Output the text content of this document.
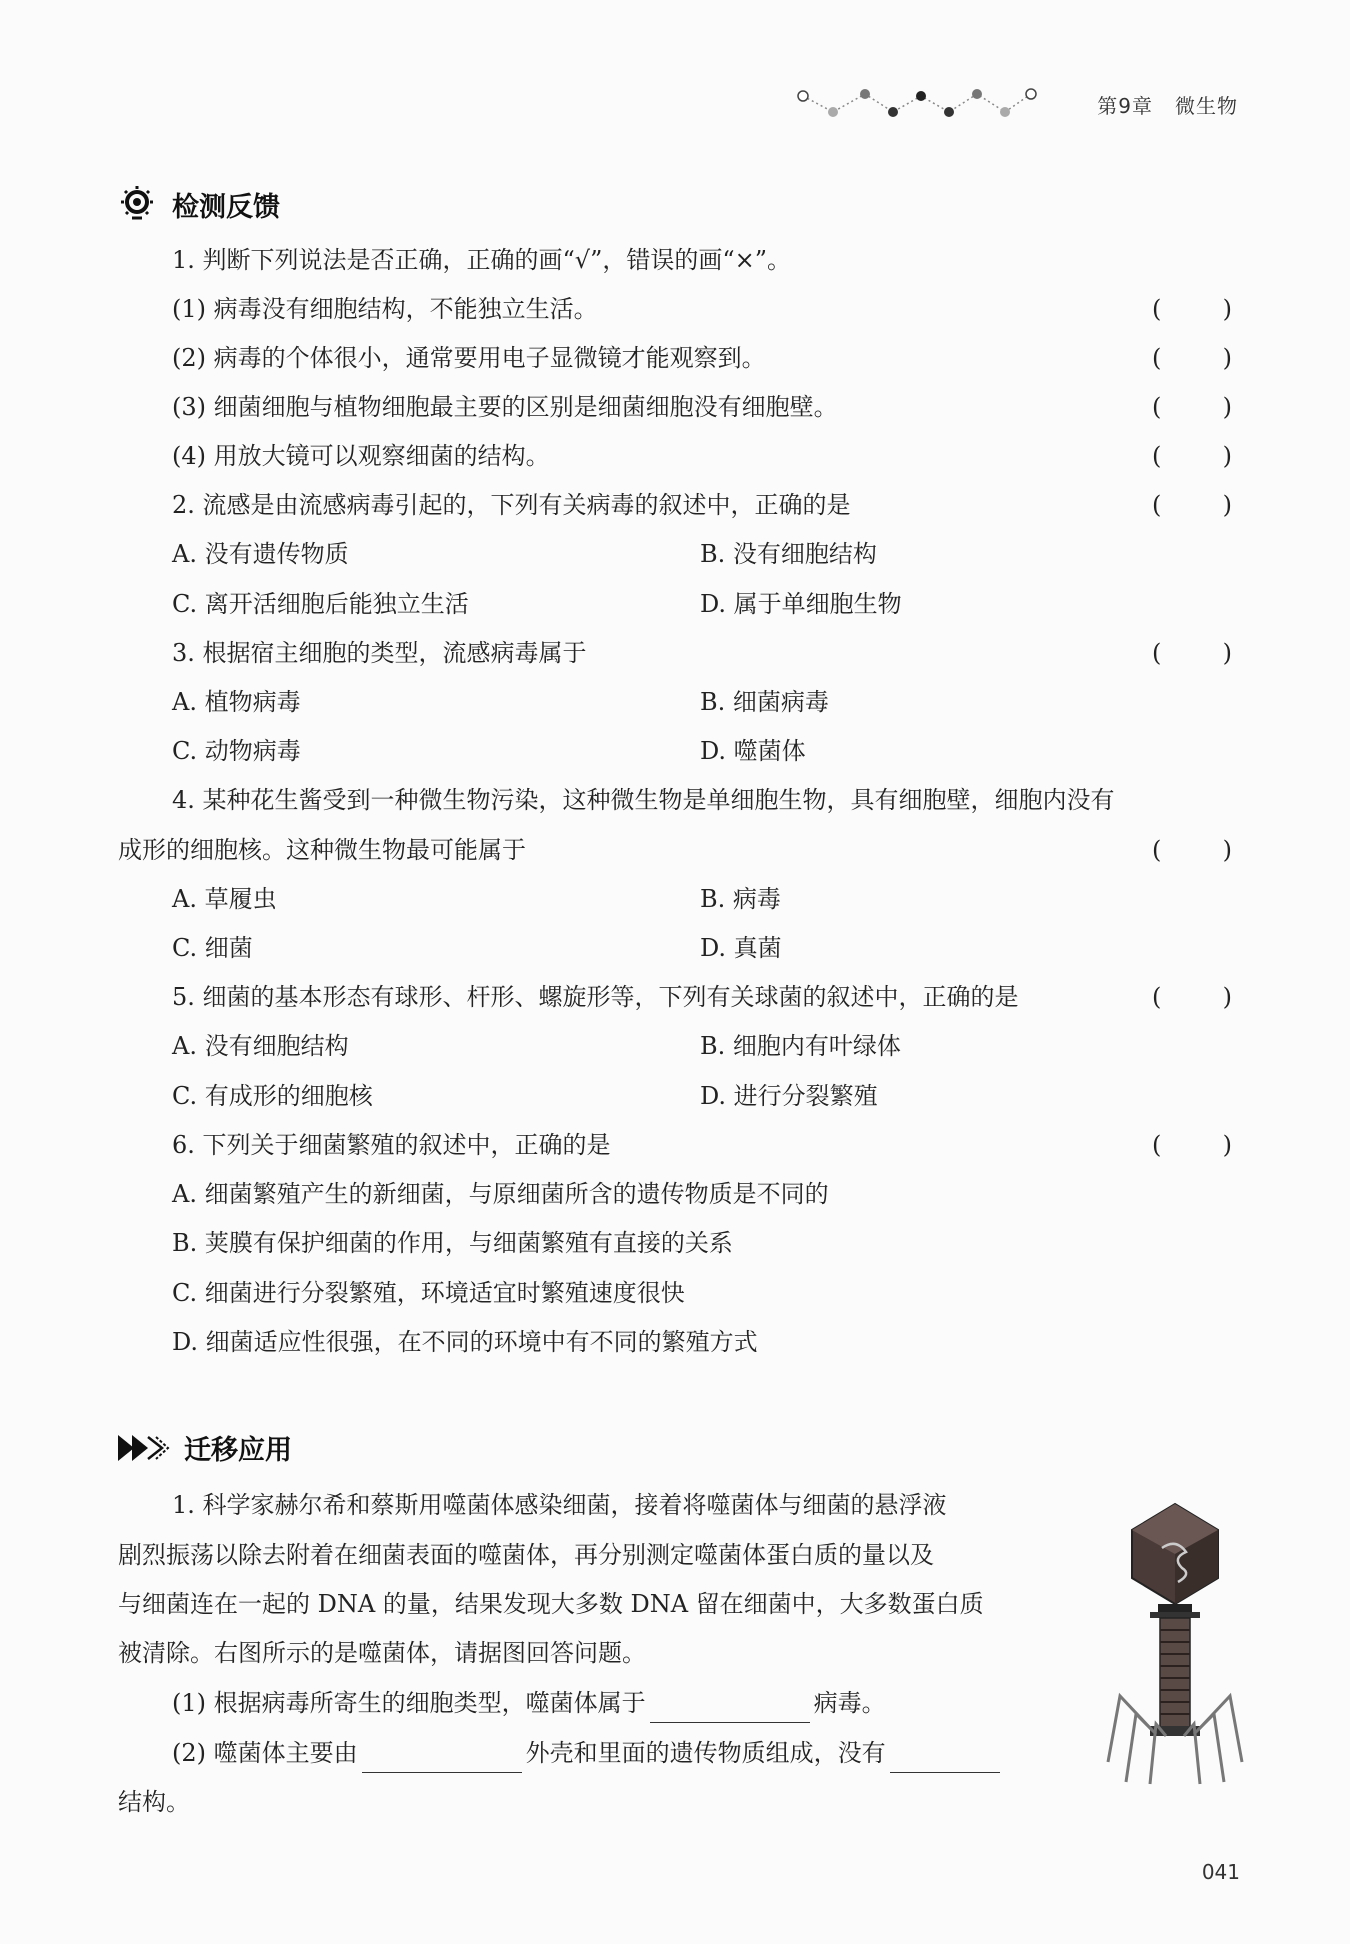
第9章 微生物
检测反馈
1. 判断下列说法是否正确，正确的画“√”，错误的画“×”。
(1) 病毒没有细胞结构，不能独立生活。	(	)
(2) 病毒的个体很小，通常要用电子显微镜才能观察到。	(	)
(3) 细菌细胞与植物细胞最主要的区别是细菌细胞没有细胞壁。	(	)
(4) 用放大镜可以观察细菌的结构。	(	)
2. 流感是由流感病毒引起的，下列有关病毒的叙述中，正确的是	(	)
A. 没有遗传物质	B. 没有细胞结构
C. 离开活细胞后能独立生活	D. 属于单细胞生物
3. 根据宿主细胞的类型，流感病毒属于	(	)
A. 植物病毒	B. 细菌病毒
C. 动物病毒	D. 噬菌体
4. 某种花生酱受到一种微生物污染，这种微生物是单细胞生物，具有细胞壁，细胞内没有
成形的细胞核。这种微生物最可能属于	(	)
A. 草履虫	B. 病毒
C. 细菌	D. 真菌
5. 细菌的基本形态有球形、杆形、螺旋形等，下列有关球菌的叙述中，正确的是	(	)
A. 没有细胞结构	B. 细胞内有叶绿体
C. 有成形的细胞核	D. 进行分裂繁殖
6. 下列关于细菌繁殖的叙述中，正确的是	(	)
A. 细菌繁殖产生的新细菌，与原细菌所含的遗传物质是不同的
B. 荚膜有保护细菌的作用，与细菌繁殖有直接的关系
C. 细菌进行分裂繁殖，环境适宜时繁殖速度很快
D. 细菌适应性很强，在不同的环境中有不同的繁殖方式
迁移应用
1. 科学家赫尔希和蔡斯用噬菌体感染细菌，接着将噬菌体与细菌的悬浮液
剧烈振荡以除去附着在细菌表面的噬菌体，再分别测定噬菌体蛋白质的量以及
与细菌连在一起的 DNA 的量，结果发现大多数 DNA 留在细菌中，大多数蛋白质
被清除。右图所示的是噬菌体，请据图回答问题。
(1) 根据病毒所寄生的细胞类型，噬菌体属于	病毒。
(2) 噬菌体主要由	外壳和里面的遗传物质组成，没有
结构。
041
